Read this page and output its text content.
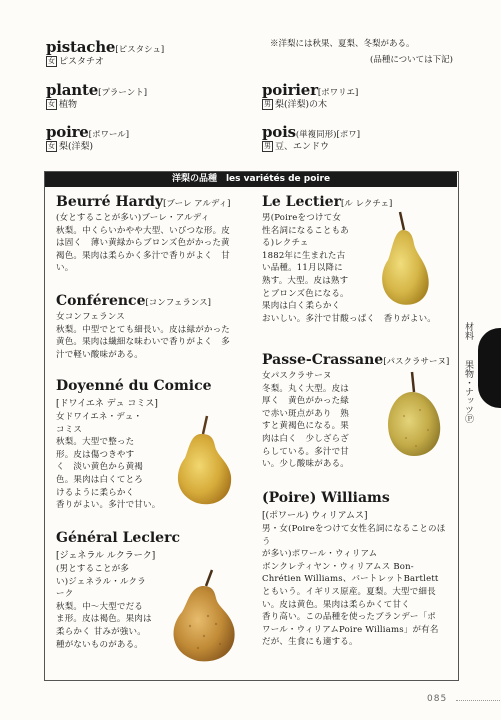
pistache[ピスタシュ]
女 ピスタチオ
plante[プラーント]
女 植物
poire[ポワール]
女 梨(洋梨)
※洋梨には秋果、夏梨、冬梨がある。
(品種については下記)
poirier[ポワリエ]
男 梨(洋梨)の木
pois(単複同形)[ポワ]
男 豆、エンドウ
洋梨の品種　 les variétés de poire
Beurré Hardy[ブーレ アルディ]
(女とすることが多い)ブーレ・アルディ
秋梨。中くらいかやや大型、いびつな形。皮
は固く　薄い黄緑からブロンズ色がかった黄
褐色。果肉は柔らかく多汁で香りがよく　甘
い。
Conférence[コンフェランス]
女コンフェランス
秋梨。中型でとても細長い。皮は緑がかった
黄色。果肉は繊細な味わいで香りがよく　多
汁で軽い酸味がある。
Doyenné du Comice
[ドワイエネ デュ コミス]
女ドワイエネ・デュ・
コミス
秋梨。大型で整った
形。皮は傷つきやす
く　淡い黄色から黄褐
色。果肉は白くてとろ
けるように柔らかく
香りがよい。多汁で甘い。
Général Leclerc
[ジェネラル ルクラーク]
(男とすることが多
い)ジェネラル・ルクラ
ーク
秋梨。中～大型でだる
ま形。皮は褐色。果肉は
柔らかく 甘みが強い。
種がないものがある。
Le Lectier[ル レクチェ]
男(Poireをつけて女
性名詞になることもあ
る)レクチェ
1882年に生まれた古
い品種。11月以降に
熟す。大型。皮は熟す
とブロンズ色になる。
果肉は白く柔らかく
おいしい。多汁で甘酸っぱく　香りがよい。
Passe-Crassane[パスクラサーヌ]
女パスクラサーヌ
冬梨。丸く大型。皮は
厚く　黄色がかった緑
で赤い斑点があり　熟
すと黄褐色になる。果
肉は白く　少しざらざ
らしている。多汁で甘
い。少し酸味がある。
(Poire) Williams
[(ポワール) ウィリアムス]
男・女(Poireをつけて女性名詞になることのほう
が多い)ポワール・ウィリアム
ボンクレティヤン・ウィリアムス Bon-
Chrétien Williams、バートレットBartlett
ともいう。イギリス原産。夏梨。大型で細長
い。皮は黄色。果肉は柔らかくて甘く
香り高い。この品種を使ったブランデー「ポ
ワール・ウィリアムPoire Williams」が有名
だが、生食にも適する。
材料
果物・ナッツⓅ
085
